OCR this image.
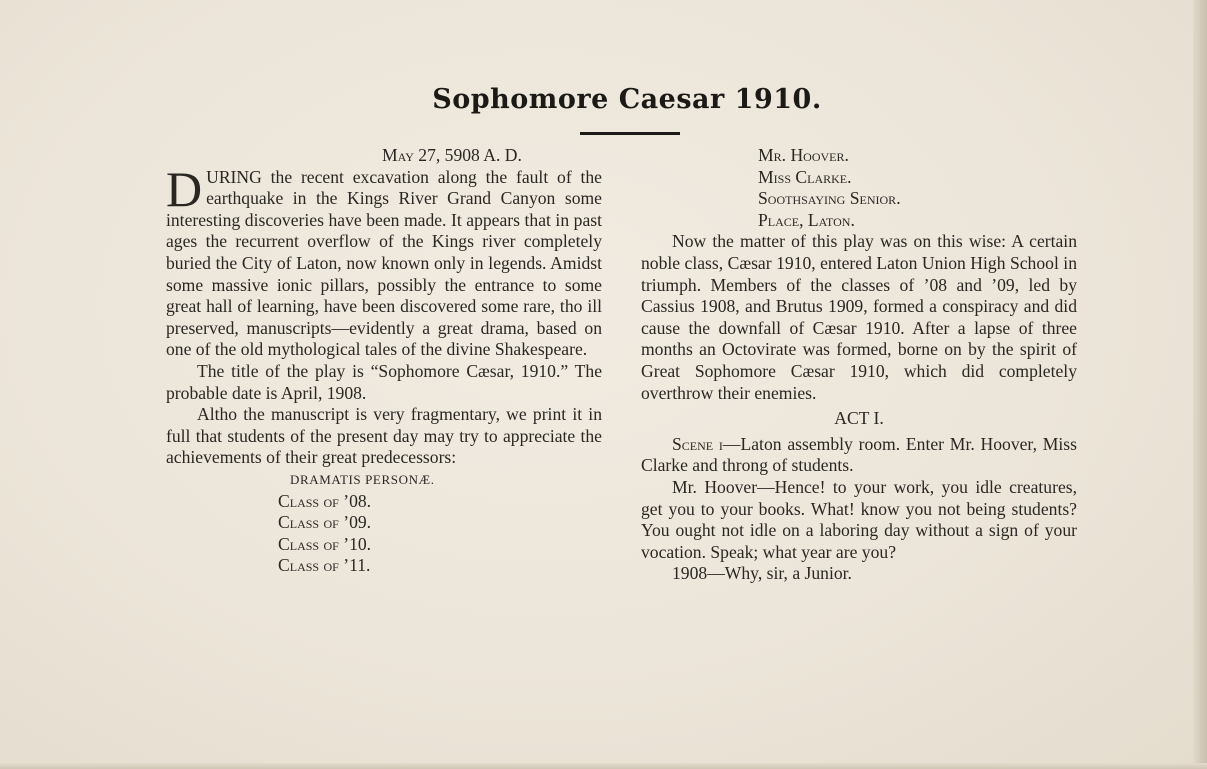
Sophomore Caesar 1910.

May 27, 5908 A. D.

DURING the recent excavation along the fault of the earthquake in the Kings River Grand Canyon some interesting discoveries have been made. It appears that in past ages the recurrent overflow of the Kings river completely buried the City of Laton, now known only in legends. Amidst some massive ionic pillars, possibly the entrance to some great hall of learning, have been discovered some rare, tho ill preserved, manuscripts—evidently a great drama, based on one of the old mythological tales of the divine Shakespeare.

The title of the play is “Sophomore Cæsar, 1910.” The probable date is April, 1908.

Altho the manuscript is very fragmentary, we print it in full that students of the present day may try to appreciate the achievements of their great predecessors:

DRAMATIS PERSONÆ.

Class of ’08.

Class of ’09.

Class of ’10.

Class of ’11.

Mr. Hoover.

Miss Clarke.

Soothsaying Senior.

Place, Laton.

Now the matter of this play was on this wise: A certain noble class, Cæsar 1910, entered Laton Union High School in triumph. Members of the classes of ’08 and ’09, led by Cassius 1908, and Brutus 1909, formed a conspiracy and did cause the downfall of Cæsar 1910. After a lapse of three months an Octovirate was formed, borne on by the spirit of Great Sophomore Cæsar 1910, which did completely overthrow their enemies.

ACT I.

Scene i—Laton assembly room. Enter Mr. Hoover, Miss Clarke and throng of students.

Mr. Hoover—Hence! to your work, you idle creatures, get you to your books. What! know you not being students? You ought not idle on a laboring day without a sign of your vocation. Speak; what year are you?

1908—Why, sir, a Junior.
